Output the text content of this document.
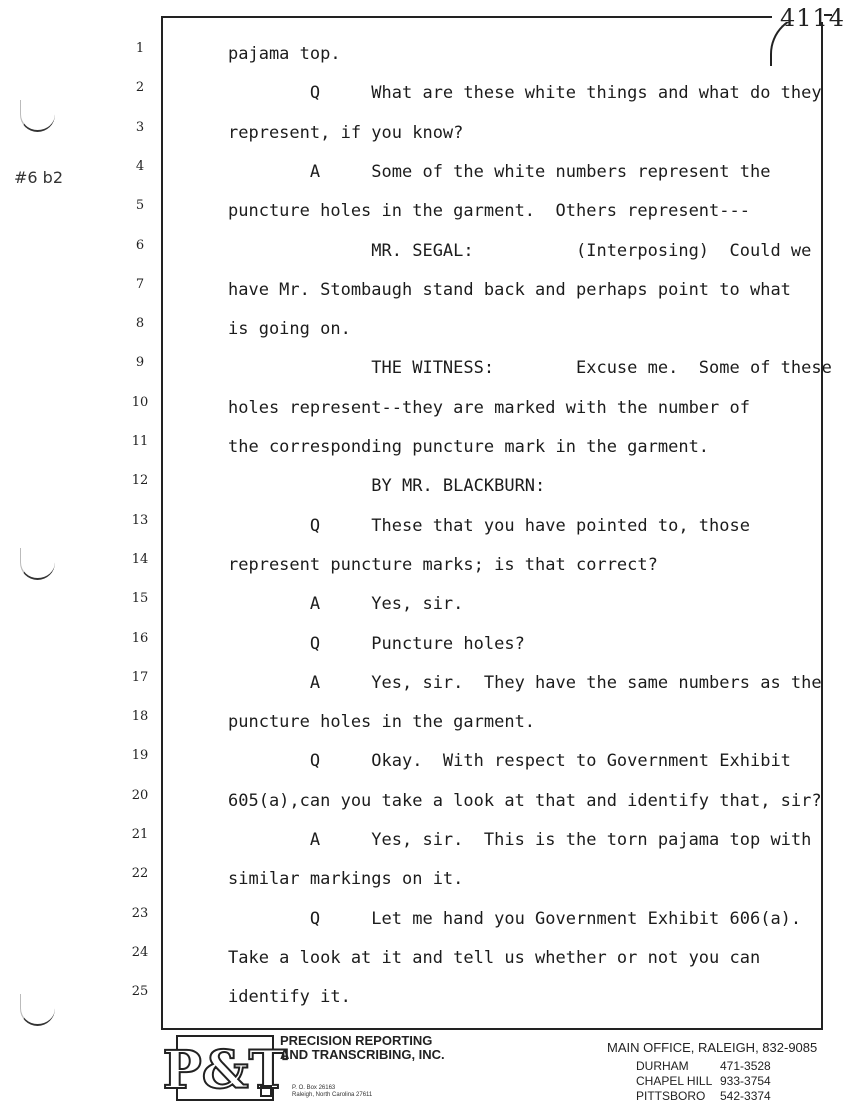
4114
#6 b2
1	pajama top.
2	Q     What are these white things and what do they
3	represent, if you know?
4	A     Some of the white numbers represent the
5	puncture holes in the garment.  Others represent---
6	MR. SEGAL:          (Interposing)  Could we
7	have Mr. Stombaugh stand back and perhaps point to what
8	is going on.
9	THE WITNESS:        Excuse me.  Some of these
10	holes represent--they are marked with the number of
11	the corresponding puncture mark in the garment.
12	BY MR. BLACKBURN:
13	Q     These that you have pointed to, those
14	represent puncture marks; is that correct?
15	A     Yes, sir.
16	Q     Puncture holes?
17	A     Yes, sir.  They have the same numbers as the
18	puncture holes in the garment.
19	Q     Okay.  With respect to Government Exhibit
20	605(a),can you take a look at that and identify that, sir?
21	A     Yes, sir.  This is the torn pajama top with
22	similar markings on it.
23	Q     Let me hand you Government Exhibit 606(a).
24	Take a look at it and tell us whether or not you can
25	identify it.
P&T
PRECISION REPORTING
AND TRANSCRIBING, INC.
P. O. Box 26163
Raleigh, North Carolina 27611
MAIN OFFICE, RALEIGH, 832-9085
DURHAM	471-3528
CHAPEL HILL 933-3754
PITTSBORO 542-3374
